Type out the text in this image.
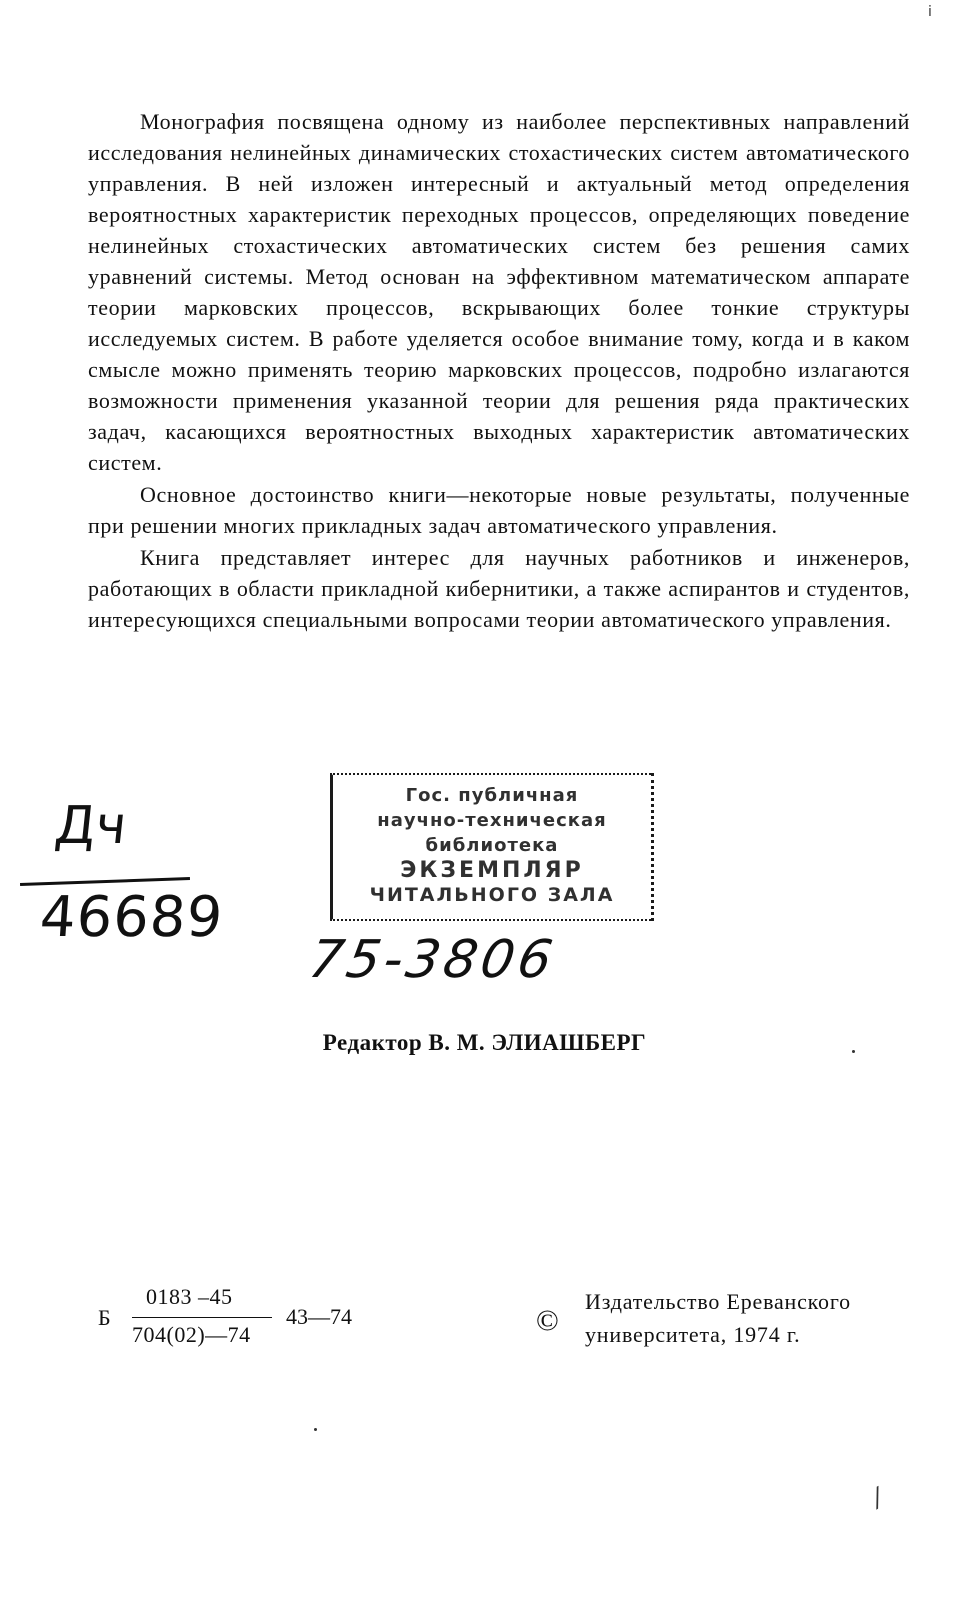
Монография посвящена одному из наиболее перспективных направлений исследования нелинейных динамических стохастических систем автоматического управления. В ней изложен интересный и актуальный метод определения вероятностных характеристик переходных процессов, определяющих поведение нелинейных стохастических автоматических систем без решения самих уравнений системы. Метод основан на эффективном математическом аппарате теории марковских процессов, вскрывающих более тонкие структуры исследуемых систем. В работе уделяется особое внимание тому, когда и в каком смысле можно применять теорию марковских процессов, подробно излагаются возможности применения указанной теории для решения ряда практических задач, касающихся вероятностных выходных характеристик автоматических систем.

Основное достоинство книги—некоторые новые результаты, полученные при решении многих прикладных задач автоматического управления.

Книга представляет интерес для научных работников и инженеров, работающих в области прикладной кибернитики, а также аспирантов и студентов, интересующихся специальными вопросами теории автоматического управления.

Гос. публичная
научно-техническая
библиотека
ЭКЗЕМПЛЯР
ЧИТАЛЬНОГО ЗАЛА
Дч
46689
75-3806
Редактор В. М. ЭЛИАШБЕРГ
Б
0183 –45
704(02)—74
43—74	©
Издательство Ереванского
университета, 1974 г.
ⅰ
⁄
